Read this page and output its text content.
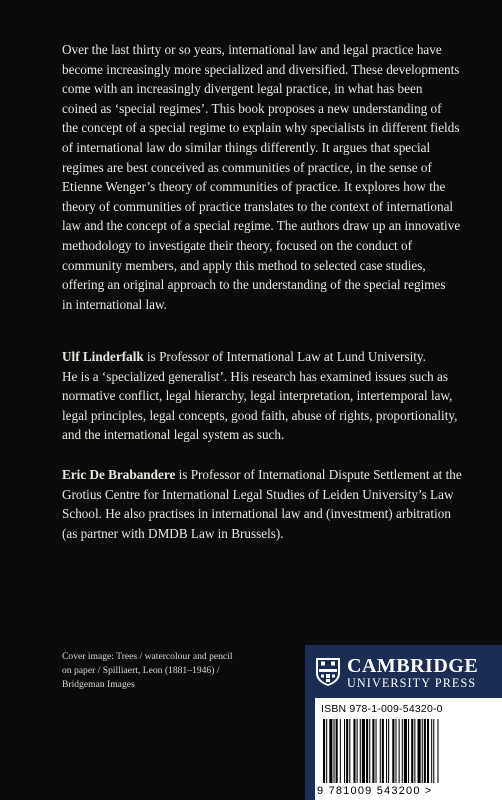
Over the last thirty or so years, international law and legal practice have
become increasingly more specialized and diversified. These developments
come with an increasingly divergent legal practice, in what has been
coined as ‘special regimes’. This book proposes a new understanding of
the concept of a special regime to explain why specialists in different fields
of international law do similar things differently. It argues that special
regimes are best conceived as communities of practice, in the sense of
Etienne Wenger’s theory of communities of practice. It explores how the
theory of communities of practice translates to the context of international
law and the concept of a special regime. The authors draw up an innovative
methodology to investigate their theory, focused on the conduct of
community members, and apply this method to selected case studies,
offering an original approach to the understanding of the special regimes
in international law.

Ulf Linderfalk is Professor of International Law at Lund University.
He is a ‘specialized generalist’. His research has examined issues such as
normative conflict, legal hierarchy, legal interpretation, intertemporal law,
legal principles, legal concepts, good faith, abuse of rights, proportionality,
and the international legal system as such.

Eric De Brabandere is Professor of International Dispute Settlement at the
Grotius Centre for International Legal Studies of Leiden University’s Law
School. He also practises in international law and (investment) arbitration
(as partner with DMDB Law in Brussels).

Cover image: Trees / watercolour and pencil
on paper / Spilliaert, Leon (1881–1946) /
Bridgeman Images

CAMBRIDGE
UNIVERSITY PRESS
ISBN 978-1-009-54320-0
9 781009 543200 >
